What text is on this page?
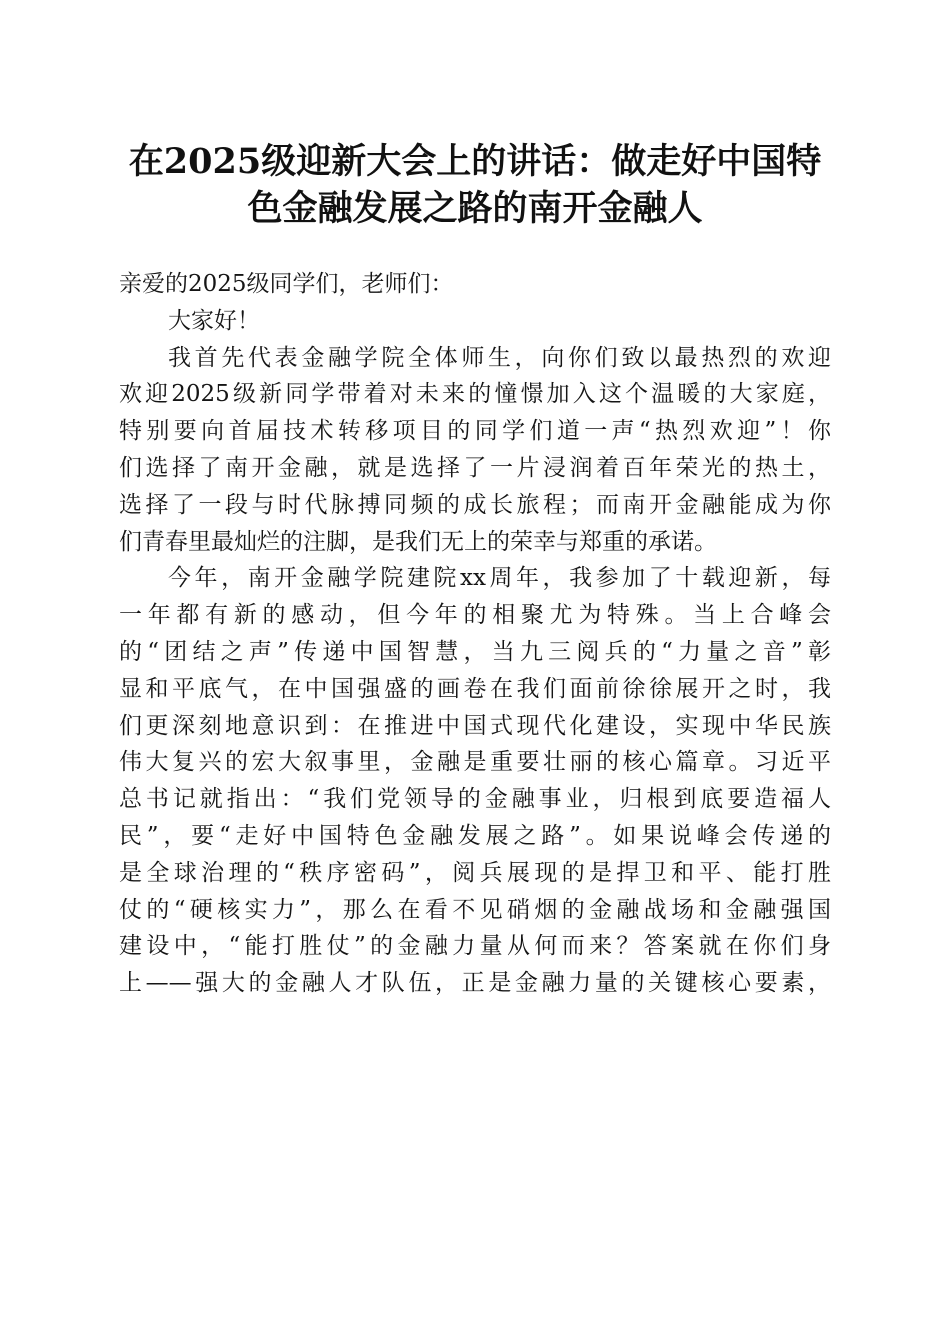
在2025级迎新大会上的讲话：做走好中国特
色金融发展之路的南开金融人
亲爱的2025级同学们，老师们：
大家好！
我首先代表金融学院全体师生，向你们致以最热烈的欢迎
欢迎2025级新同学带着对未来的憧憬加入这个温暖的大家庭，
特别要向首届技术转移项目的同学们道一声“热烈欢迎”！你
们选择了南开金融，就是选择了一片浸润着百年荣光的热土，
选择了一段与时代脉搏同频的成长旅程；而南开金融能成为你
们青春里最灿烂的注脚，是我们无上的荣幸与郑重的承诺。
今年，南开金融学院建院xx周年，我参加了十载迎新，每
一年都有新的感动，但今年的相聚尤为特殊。当上合峰会
的“团结之声”传递中国智慧，当九三阅兵的“力量之音”彰
显和平底气，在中国强盛的画卷在我们面前徐徐展开之时，我
们更深刻地意识到：在推进中国式现代化建设，实现中华民族
伟大复兴的宏大叙事里，金融是重要壮丽的核心篇章。习近平
总书记就指出：“我们党领导的金融事业，归根到底要造福人
民”，要“走好中国特色金融发展之路”。如果说峰会传递的
是全球治理的“秩序密码”，阅兵展现的是捍卫和平、能打胜
仗的“硬核实力”，那么在看不见硝烟的金融战场和金融强国
建设中，“能打胜仗”的金融力量从何而来？答案就在你们身
上——强大的金融人才队伍，正是金融力量的关键核心要素，
